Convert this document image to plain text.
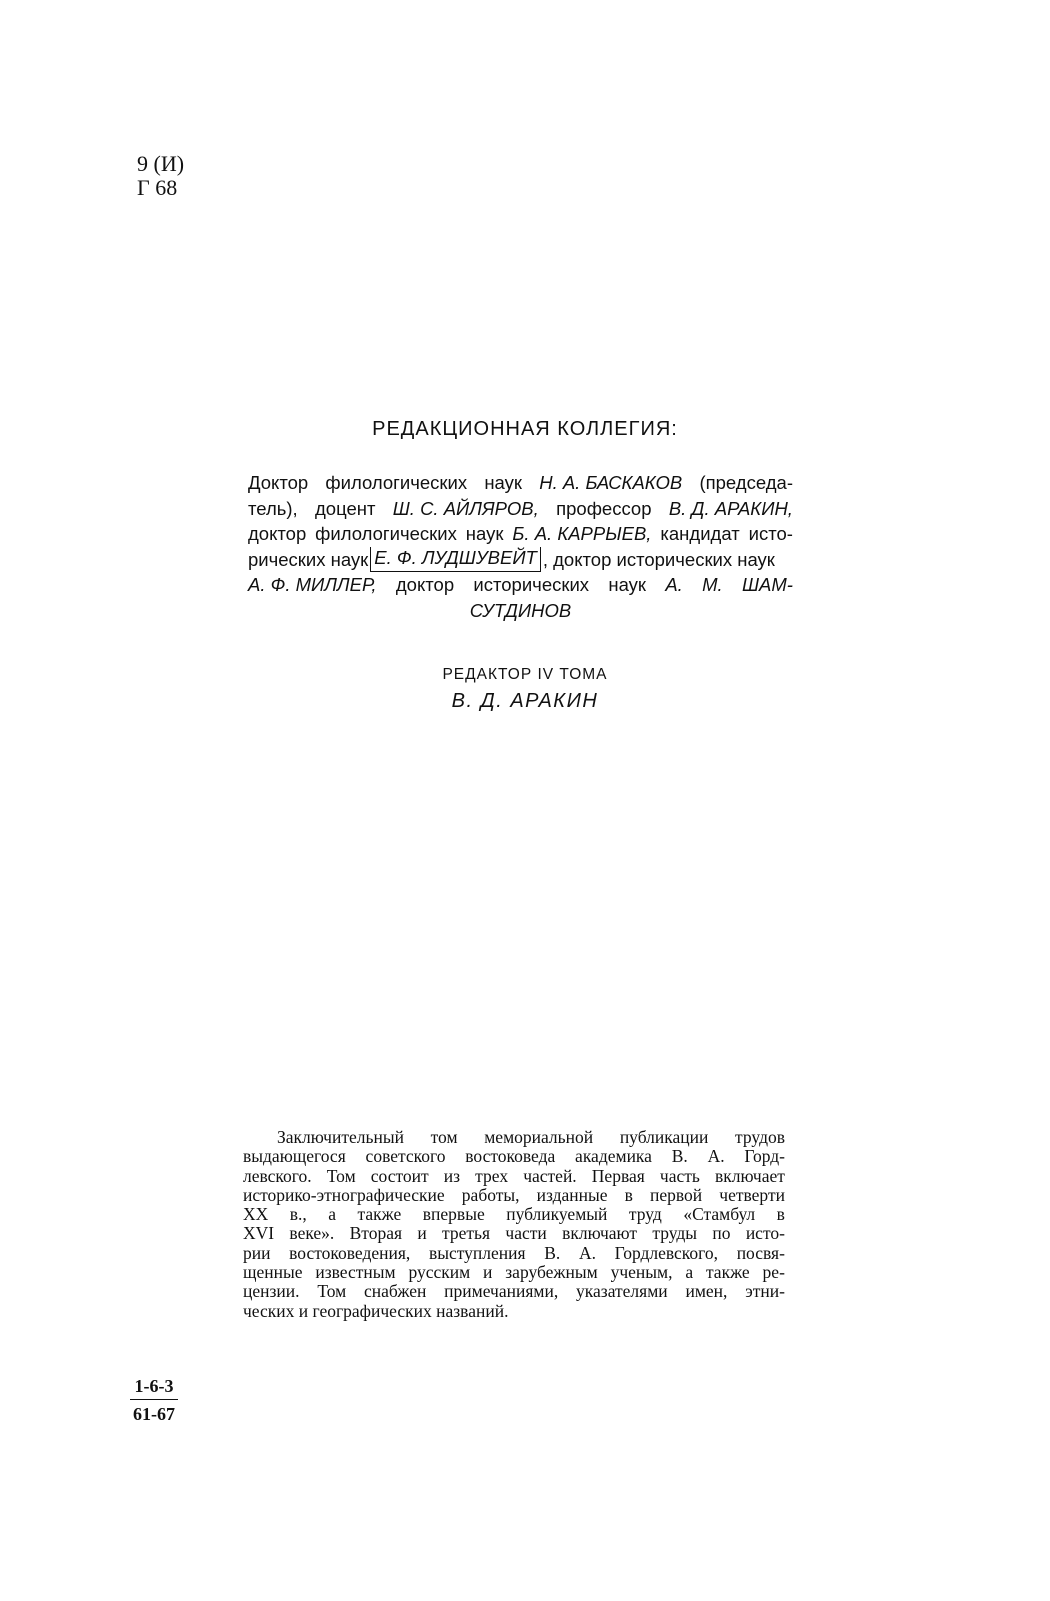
9 (И)
Г 68
РЕДАКЦИОННАЯ КОЛЛЕГИЯ:
Доктор филологических наук Н. А. БАСКАКОВ (председа-
тель), доцент Ш. С. АЙЛЯРОВ, профессор В. Д. АРАКИН,
доктор филологических наук Б. А. КАРРЫЕВ, кандидат исто-
рических наук Е. Ф. ЛУДШУВЕЙТ , доктор исторических наук
А. Ф. МИЛЛЕР, доктор исторических наук А. М. ШАМ-
СУТДИНОВ
РЕДАКТОР IV ТОМА
В. Д. АРАКИН
Заключительный том мемориальной публикации трудов
выдающегося советского востоковеда академика В. А. Горд-
левского. Том состоит из трех частей. Первая часть включает
историко-этнографические работы, изданные в первой четверти
XX в., а также впервые публикуемый труд «Стамбул в
XVI веке». Вторая и третья части включают труды по исто-
рии востоковедения, выступления В. А. Гордлевского, посвя-
щенные известным русским и зарубежным ученым, а также ре-
цензии. Том снабжен примечаниями, указателями имен, этни-
ческих и географических названий.
1-6-3
61-67
